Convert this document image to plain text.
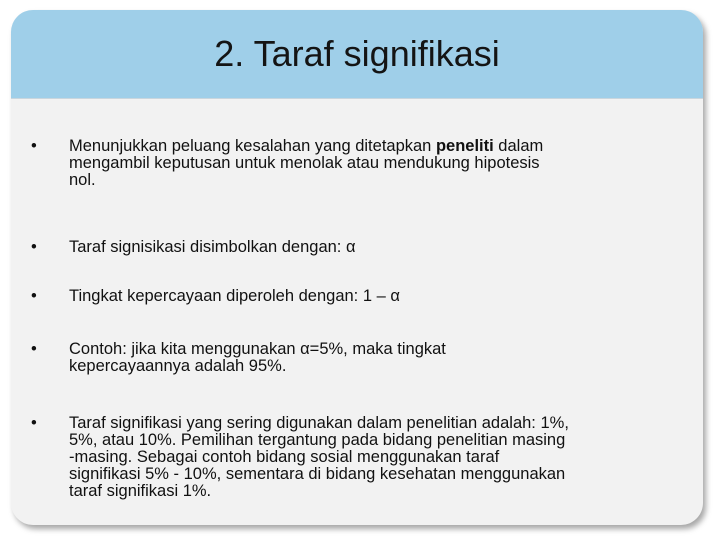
2. Taraf signifikasi
•	Menunjukkan peluang kesalahan yang ditetapkan peneliti dalam
mengambil keputusan untuk menolak atau mendukung hipotesis
nol.
•	Taraf signisikasi disimbolkan dengan: α
•	Tingkat kepercayaan diperoleh dengan: 1 – α
•	Contoh: jika kita menggunakan α=5%, maka tingkat
kepercayaannya adalah 95%.
•	Taraf signifikasi yang sering digunakan dalam penelitian adalah: 1%,
5%, atau 10%. Pemilihan tergantung pada bidang penelitian masing
-masing. Sebagai contoh bidang sosial menggunakan taraf
signifikasi 5% - 10%, sementara di bidang kesehatan menggunakan
taraf signifikasi 1%.
